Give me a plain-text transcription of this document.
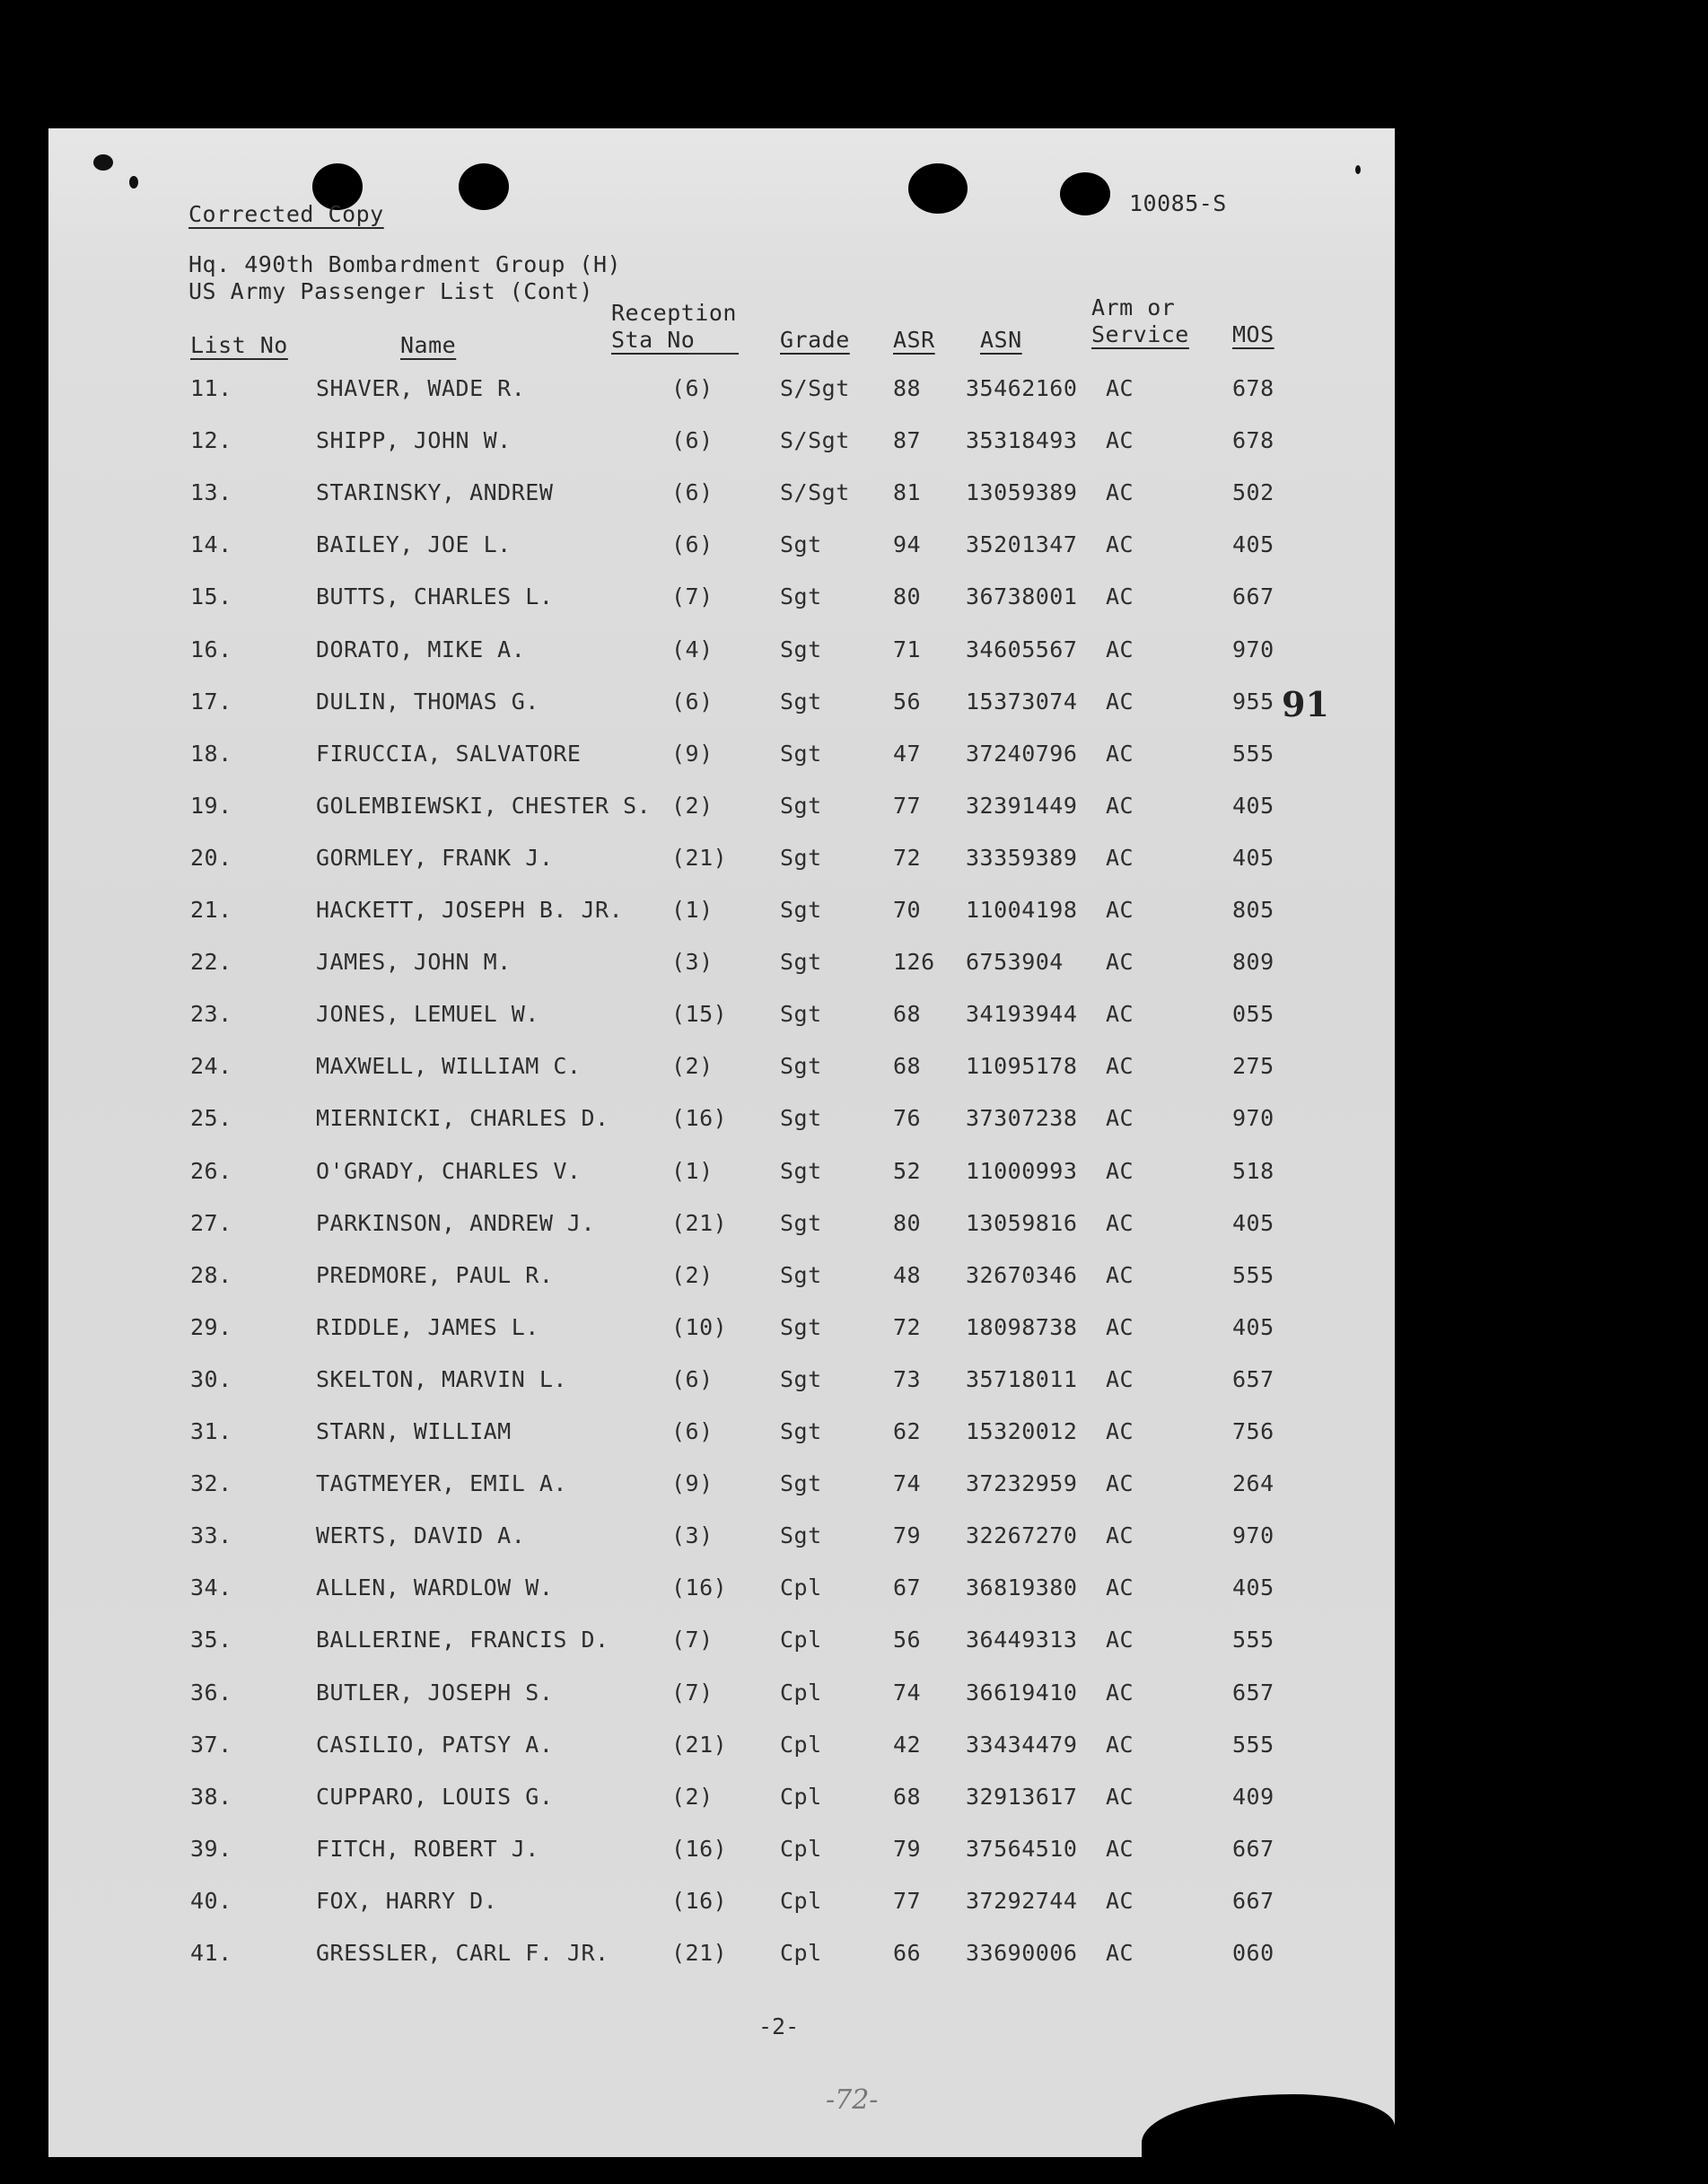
Corrected Copy	10085-S
Hq. 490th Bombardment Group (H)
US Army Passenger List (Cont)
List No	Name
Reception
Sta No	Grade ASR ASN
Arm or
Service MOS
11.	SHAVER, WADE R.	(6)	S/Sgt 88 35462160 AC	678
12.	SHIPP, JOHN W.	(6)	S/Sgt 87 35318493 AC	678
13.	STARINSKY, ANDREW	(6)	S/Sgt 81 13059389 AC	502
14.	BAILEY, JOE L.	(6)	Sgt	94 35201347 AC	405
15.	BUTTS, CHARLES L.	(7)	Sgt	80 36738001 AC	667
16.	DORATO, MIKE A.	(4)	Sgt	71 34605567 AC	970
17.	DULIN, THOMAS G.	(6)	Sgt	56 15373074 AC	955
18.	FIRUCCIA, SALVATORE	(9)	Sgt	47 37240796 AC	555
19.	GOLEMBIEWSKI, CHESTER S. (2)	Sgt	77 32391449 AC	405
20.	GORMLEY, FRANK J.	(21) Sgt	72 33359389 AC	405
21.	HACKETT, JOSEPH B. JR. (1)	Sgt	70 11004198 AC	805
22.	JAMES, JOHN M.	(3)	Sgt	126 6753904 AC	809
23.	JONES, LEMUEL W.	(15) Sgt	68 34193944 AC	055
24.	MAXWELL, WILLIAM C.	(2)	Sgt	68 11095178 AC	275
25.	MIERNICKI, CHARLES D.	(16) Sgt	76 37307238 AC	970
26.	O'GRADY, CHARLES V.	(1)	Sgt	52 11000993 AC	518
27.	PARKINSON, ANDREW J.	(21) Sgt	80 13059816 AC	405
28.	PREDMORE, PAUL R.	(2)	Sgt	48 32670346 AC	555
29.	RIDDLE, JAMES L.	(10) Sgt	72 18098738 AC	405
30.	SKELTON, MARVIN L.	(6)	Sgt	73 35718011 AC	657
31.	STARN, WILLIAM	(6)	Sgt	62 15320012 AC	756
32.	TAGTMEYER, EMIL A.	(9)	Sgt	74 37232959 AC	264
33.	WERTS, DAVID A.	(3)	Sgt	79 32267270 AC	970
34.	ALLEN, WARDLOW W.	(16) Cpl	67 36819380 AC	405
35.	BALLERINE, FRANCIS D.	(7)	Cpl	56 36449313 AC	555
36.	BUTLER, JOSEPH S.	(7)	Cpl	74 36619410 AC	657
37.	CASILIO, PATSY A.	(21) Cpl	42 33434479 AC	555
38.	CUPPARO, LOUIS G.	(2)	Cpl	68 32913617 AC	409
39.	FITCH, ROBERT J.	(16) Cpl	79 37564510 AC	667
40.	FOX, HARRY D.	(16) Cpl	77 37292744 AC	667
41.	GRESSLER, CARL F. JR.	(21) Cpl	66 33690006 AC	060
91
-2-
-72-
